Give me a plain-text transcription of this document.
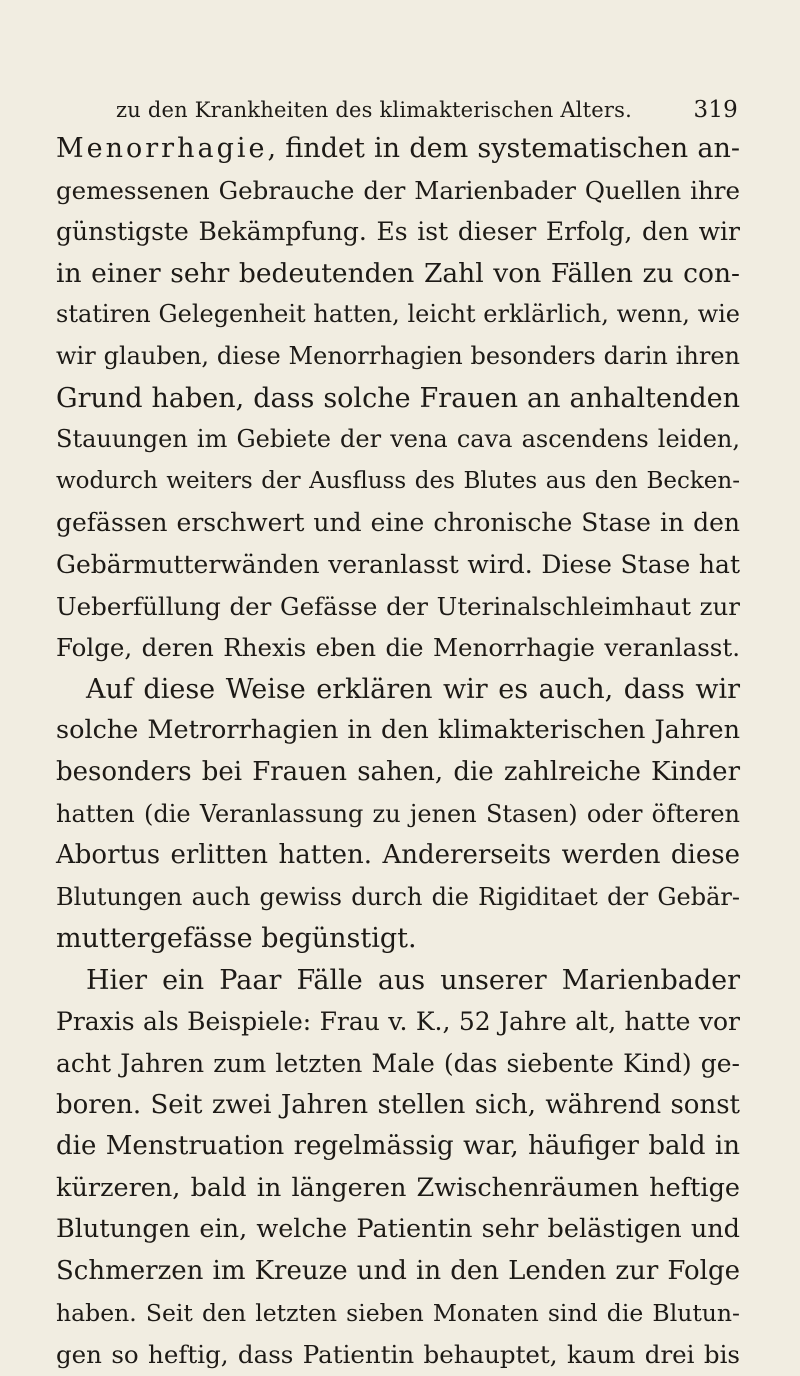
zu den Krankheiten des klimakterischen Alters.	319
Menorrhagie, findet in dem systematischen an-
gemessenen Gebrauche der Marienbader Quellen ihre
günstigste Bekämpfung. Es ist dieser Erfolg, den wir
in einer sehr bedeutenden Zahl von Fällen zu con-
statiren Gelegenheit hatten, leicht erklärlich, wenn, wie
wir glauben, diese Menorrhagien besonders darin ihren
Grund haben, dass solche Frauen an anhaltenden
Stauungen im Gebiete der vena cava ascendens leiden,
wodurch weiters der Ausfluss des Blutes aus den Becken-
gefässen erschwert und eine chronische Stase in den
Gebärmutterwänden veranlasst wird. Diese Stase hat
Ueberfüllung der Gefässe der Uterinalschleimhaut zur
Folge, deren Rhexis eben die Menorrhagie veranlasst.
Auf diese Weise erklären wir es auch, dass wir
solche Metrorrhagien in den klimakterischen Jahren
besonders bei Frauen sahen, die zahlreiche Kinder
hatten (die Veranlassung zu jenen Stasen) oder öfteren
Abortus erlitten hatten. Andererseits werden diese
Blutungen auch gewiss durch die Rigiditaet der Gebär-
muttergefässe begünstigt.
Hier ein Paar Fälle aus unserer Marienbader
Praxis als Beispiele: Frau v. K., 52 Jahre alt, hatte vor
acht Jahren zum letzten Male (das siebente Kind) ge-
boren. Seit zwei Jahren stellen sich, während sonst
die Menstruation regelmässig war, häufiger bald in
kürzeren, bald in längeren Zwischenräumen heftige
Blutungen ein, welche Patientin sehr belästigen und
Schmerzen im Kreuze und in den Lenden zur Folge
haben. Seit den letzten sieben Monaten sind die Blutun-
gen so heftig, dass Patientin behauptet, kaum drei bis
